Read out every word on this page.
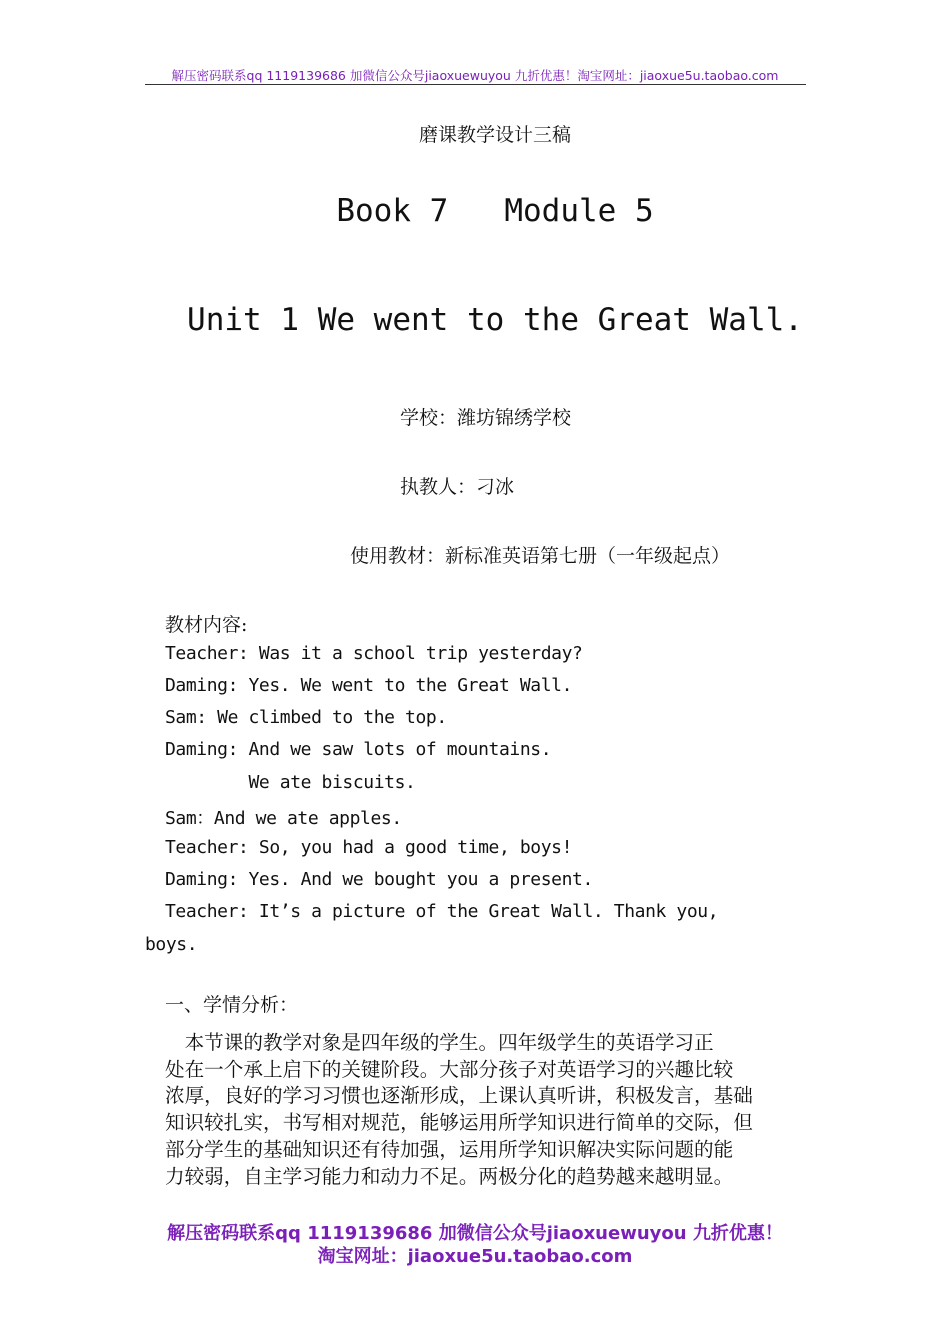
解压密码联系qq 1119139686 加微信公众号jiaoxuewuyou 九折优惠！淘宝网址：jiaoxue5u.taobao.com
磨课教学设计三稿
Book 7   Module 5
Unit 1 We went to the Great Wall.
学校：潍坊锦绣学校
执教人：刁冰
使用教材：新标准英语第七册（一年级起点）
教材内容:
Teacher: Was it a school trip yesterday?
Daming: Yes. We went to the Great Wall.
Sam: We climbed to the top.
Daming: And we saw lots of mountains.
We ate biscuits.
Sam：And we ate apples.
Teacher: So, you had a good time, boys!
Daming: Yes. And we bought you a present.
Teacher: It’s a picture of the Great Wall. Thank you,
boys.
一、学情分析：
　本节课的教学对象是四年级的学生。四年级学生的英语学习正
处在一个承上启下的关键阶段。大部分孩子对英语学习的兴趣比较
浓厚，良好的学习习惯也逐渐形成，上课认真听讲，积极发言，基础
知识较扎实，书写相对规范，能够运用所学知识进行简单的交际，但
部分学生的基础知识还有待加强，运用所学知识解决实际问题的能
力较弱，自主学习能力和动力不足。两极分化的趋势越来越明显。
解压密码联系qq 1119139686 加微信公众号jiaoxuewuyou 九折优惠！
淘宝网址：jiaoxue5u.taobao.com
